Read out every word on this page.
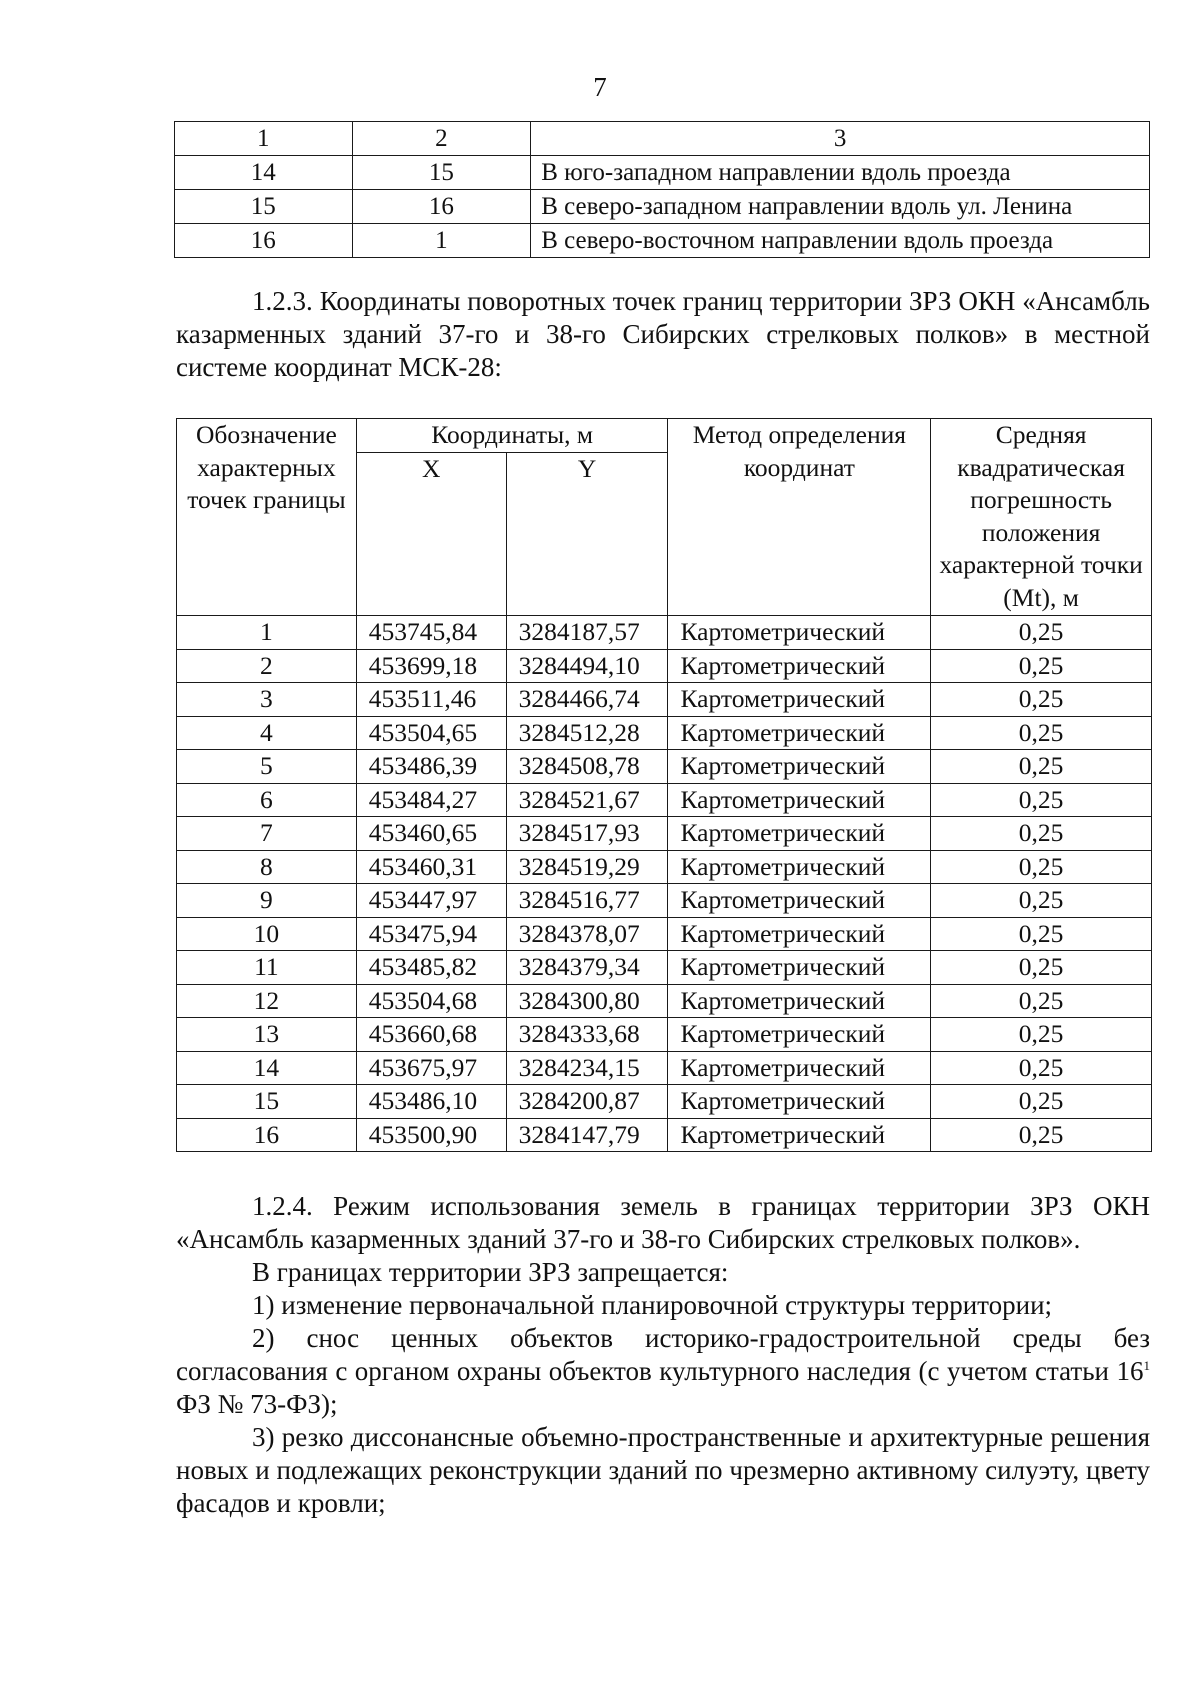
7
1	2	3
14	15	В юго-западном направлении вдоль проезда
15	16	В северо-западном направлении вдоль ул. Ленина
16	1	В северо-восточном направлении вдоль проезда

1.2.3. Координаты поворотных точек границ территории ЗРЗ ОКН «Ансамбль казарменных зданий 37-го и 38-го Сибирских стрелковых полков» в местной системе координат МСК-28:

Обозначение характерных точек границы	Координаты, м		Метод определения координат	Средняя квадратическая погрешность положения характерной точки (Mt), м
	X	Y		
1	453745,84	3284187,57	Картометрический	0,25
2	453699,18	3284494,10	Картометрический	0,25
3	453511,46	3284466,74	Картометрический	0,25
4	453504,65	3284512,28	Картометрический	0,25
5	453486,39	3284508,78	Картометрический	0,25
6	453484,27	3284521,67	Картометрический	0,25
7	453460,65	3284517,93	Картометрический	0,25
8	453460,31	3284519,29	Картометрический	0,25
9	453447,97	3284516,77	Картометрический	0,25
10	453475,94	3284378,07	Картометрический	0,25
11	453485,82	3284379,34	Картометрический	0,25
12	453504,68	3284300,80	Картометрический	0,25
13	453660,68	3284333,68	Картометрический	0,25
14	453675,97	3284234,15	Картометрический	0,25
15	453486,10	3284200,87	Картометрический	0,25
16	453500,90	3284147,79	Картометрический	0,25

1.2.4. Режим использования земель в границах территории ЗРЗ ОКН «Ансамбль казарменных зданий 37-го и 38-го Сибирских стрелковых полков».

В границах территории ЗРЗ запрещается:

1) изменение первоначальной планировочной структуры территории;

2) снос ценных объектов историко-градостроительной среды без согласования с органом охраны объектов культурного наследия (с учетом статьи $16^1$ ФЗ № 73-ФЗ);

3) резко диссонансные объемно-пространственные и архитектурные решения новых и подлежащих реконструкции зданий по чрезмерно активному силуэту, цвету фасадов и кровли;
